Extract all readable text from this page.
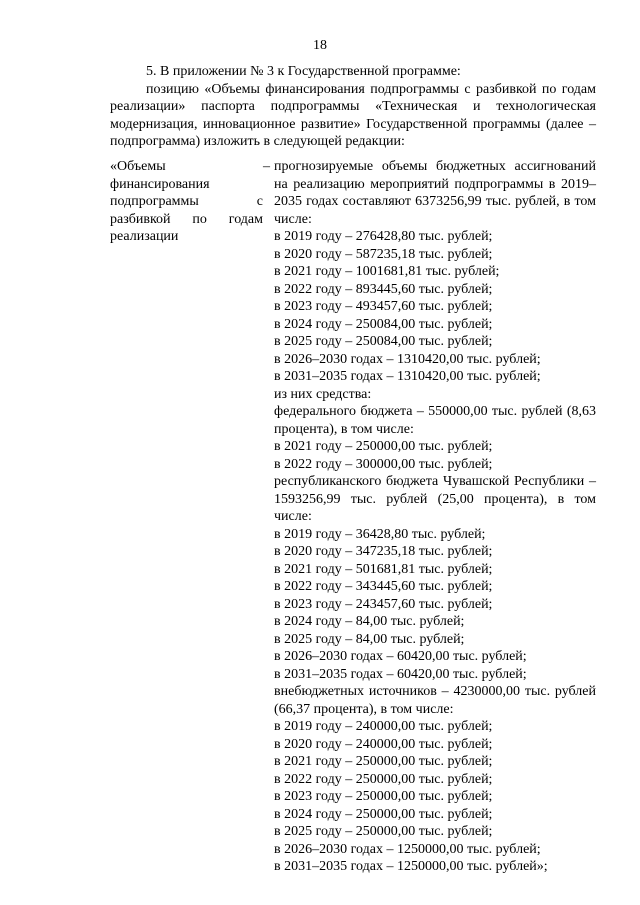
18

5. В приложении № 3 к Государственной программе:

позицию «Объемы финансирования подпрограммы с разбивкой по годам реализации» паспорта подпрограммы «Техническая и технологическая модернизация, инновационное развитие» Государственной программы (далее – подпрограмма) изложить в следующей редакции:

«Объемы финансирования подпрограммы с разбивкой по годам реализации
– прогнозируемые объемы бюджетных ассигнований на реализацию мероприятий подпрограммы в 2019–2035 годах составляют 6373256,99 тыс. рублей, в том числе:
в 2019 году – 276428,80 тыс. рублей;
в 2020 году – 587235,18 тыс. рублей;
в 2021 году – 1001681,81 тыс. рублей;
в 2022 году – 893445,60 тыс. рублей;
в 2023 году – 493457,60 тыс. рублей;
в 2024 году – 250084,00 тыс. рублей;
в 2025 году – 250084,00 тыс. рублей;
в 2026–2030 годах – 1310420,00 тыс. рублей;
в 2031–2035 годах – 1310420,00 тыс. рублей;
из них средства:
федерального бюджета – 550000,00 тыс. рублей (8,63 процента), в том числе:
в 2021 году – 250000,00 тыс. рублей;
в 2022 году – 300000,00 тыс. рублей;
республиканского бюджета Чувашской Республики – 1593256,99 тыс. рублей (25,00 процента), в том числе:
в 2019 году – 36428,80 тыс. рублей;
в 2020 году – 347235,18 тыс. рублей;
в 2021 году – 501681,81 тыс. рублей;
в 2022 году – 343445,60 тыс. рублей;
в 2023 году – 243457,60 тыс. рублей;
в 2024 году – 84,00 тыс. рублей;
в 2025 году – 84,00 тыс. рублей;
в 2026–2030 годах – 60420,00 тыс. рублей;
в 2031–2035 годах – 60420,00 тыс. рублей;
внебюджетных источников – 4230000,00 тыс. рублей (66,37 процента), в том числе:
в 2019 году – 240000,00 тыс. рублей;
в 2020 году – 240000,00 тыс. рублей;
в 2021 году – 250000,00 тыс. рублей;
в 2022 году – 250000,00 тыс. рублей;
в 2023 году – 250000,00 тыс. рублей;
в 2024 году – 250000,00 тыс. рублей;
в 2025 году – 250000,00 тыс. рублей;
в 2026–2030 годах – 1250000,00 тыс. рублей;
в 2031–2035 годах – 1250000,00 тыс. рублей»;
